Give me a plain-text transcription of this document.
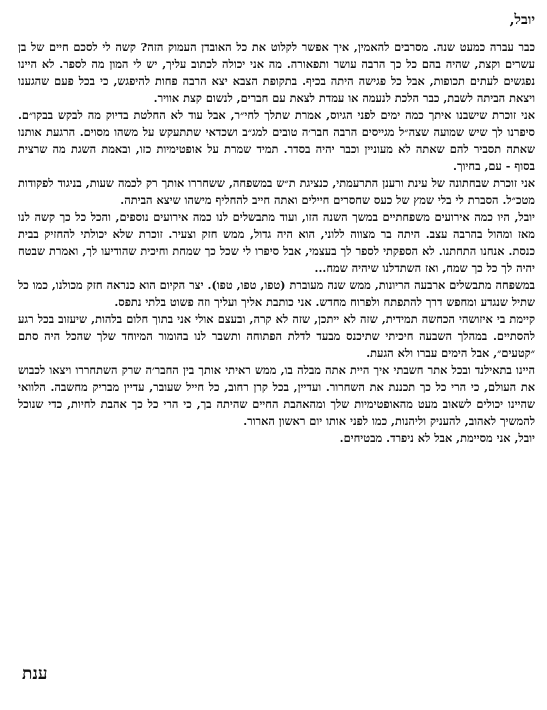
יובל,
כבר עברה כמעט שנה. מסרבים להאמין, איך אפשר לקלוט את כל האובדן העמוק הזה? קשה לי לסכם חיים של בן עשרים וקצת, שהיה בהם כל כך הרבה עושר ותפאורה. מה אני יכולה לכתוב עליך, יש לי המון מה לספר. לא היינו נפגשים לעתים תכופות, אבל כל פגישה היתה בכיף. בתקופת הצבא יצא הרבה פחות להיפגש, כי בכל פעם שהגענו ויצאת הביתה לשבת, כבר הלכת לנעמה או עמדת לצאת עם חברים, לנשום קצת אוויר.
אני זוכרת שישבנו איתך כמה ימים לפני הגיוס, אמרת שתלך לחי״ר, אבל עוד לא החלטת בדיוק מה לבקש בבקו״ם. סיפרנו לך שיש שמועה שצה״ל מגייסים הרבה חבר׳ה טובים למג״ב ושכדאי שתתעקש על משהו מסוים. הרגעת אותנו שאתה תסביר להם שאתה לא מעוניין וכבר יהיה בסדר. תמיד שמרת על אופטימיות כזו, ובאמת השגת מה שרצית בסוף - עם, בחיוך.
אני זוכרת שבחתונה של עינת ורענן התרעמתי, כנציגת ת״ש במשפחה, ששחררו אותך רק לכמה שעות, בניגוד לפקודות מטכ״ל. הסברת לי בלי שמץ של כעס שחסרים חיילים ואתה חייב להחליף מישהו שיצא הביתה.
יובל, היו כמה אירועים משפחתיים במשך השנה הזו, ועוד מתבשלים לנו כמה אירועים נוספים, והכל כל כך קשה לנו מאז ומהול בהרבה עצב. היתה בר מצווה ללוני, הוא היה גדול, ממש חזק וצעיר. זוכרת שלא יכולתי להחזיק בבית כנסת. אנחנו התחתנו. לא הספקתי לספר לך בעצמי, אבל סיפרו לי שכל כך שמחת וחיכית שהודיעו לך, ואמרת שבטח יהיה לך כל כך שמח, ואז השתדלנו שיהיה שמח...
במשפחה מתבשלים ארבעה הריונות, ממש שנה מעוברת (טפו, טפו, טפו). יצר הקיום הוא כנראה חזק מכולנו, כמו כל שתיל שנגדע ומחפש דרך להתפתח ולפרוח מחדש. אני כותבת אליך ועליך וזה פשוט בלתי נתפס.
קיימת בי איזושהי הכחשה תמידית, שזה לא ייתכן, שזה לא קרה, ובעצם אולי אני בתוך חלום בלהות, שיעזוב בכל רגע להסתיים. במהלך השבעה חיכיתי שתיכנס מבעד לדלת הפתוחה ותשבר לנו בהומור המיוחד שלך שהכל היה סתם ״קטעים״, אבל הימים עברו ולא הגעת.
היינו בתאילנד ובכל אתר חשבתי איך היית אתה מבלה בו, ממש ראיתי אותך בין החבר׳ה שרק השתחררו ויצאו לכבוש את העולם, כי הרי כל כך תכננת את השחרור. ועדיין, בכל קרן רחוב, כל חייל שעובר, עדיין מבריק מחשבה. הלוואי שהיינו יכולים לשאוב מעט מהאופטימיות שלך ומהאהבת החיים שהיתה בך, כי הרי כל כך אהבת לחיות, כדי שנוכל להמשיך לאהוב, להעניק וליהנות, כמו לפני אותו יום ראשון הארור.
יובל, אני מסיימת, אבל לא ניפרד. מבטיחים.
ענת
